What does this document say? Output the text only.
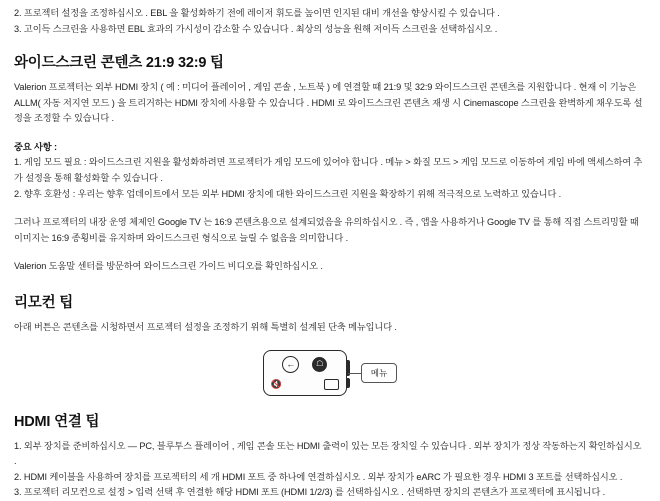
2. 프로젝터 설정을 조정하십시오 . EBL 을 활성화하기 전에 레이저 휘도를 높이면 인지된 대비 개선을 향상시킬 수 있습니다 .
3. 고이득 스크린을 사용하면 EBL 효과의 가시성이 감소할 수 있습니다 . 최상의 성능을 원해 저이득 스크린을 선택하십시오 .
와이드스크린 콘텐츠 21:9 32:9 팁

Valerion 프로젝터는 외부 HDMI 장치 ( 예 : 미디어 플레이어 , 게임 콘솔 , 노트북 ) 에 연결할 때 21:9 및 32:9 와이드스크린 콘텐츠를 지원합니다 . 현재 이 기능은 ALLM( 자동 저지연 모드 ) 을 트리거하는 HDMI 장치에 사용할 수 있습니다 . HDMI 로 와이드스크린 콘텐츠 재생 시 Cinemascope 스크린을 완벽하게 채우도록 설정을 조정할 수 있습니다 .

중요 사항 :
1. 게임 모드 필요 : 와이드스크린 지원을 활성화하려면 프로젝터가 게임 모드에 있어야 합니다 . 메뉴 > 화질 모드 > 게임 모드로 이동하여 게임 바에 액세스하여 추가 설정을 통해 활성화할 수 있습니다 .
2. 향후 호환성 : 우리는 향후 업데이트에서 모든 외부 HDMI 장치에 대한 와이드스크린 지원을 확장하기 위해 적극적으로 노력하고 있습니다 .

그러나 프로젝터의 내장 운영 체제인 Google TV 는 16:9 콘텐츠용으로 설계되었음을 유의하십시오 . 즉 , 앱을 사용하거나 Google TV 를 통해 직접 스트리밍할 때 이미지는 16:9 종횡비를 유지하며 와이드스크린 형식으로 늘릴 수 없음을 의미합니다 .

Valerion 도움말 센터를 방문하여 와이드스크린 가이드 비디오를 확인하십시오 .

리모컨 팁

아래 버튼은 콘텐츠를 시청하면서 프로젝터 설정을 조정하기 위해 특별히 설계된 단축 메뉴입니다 .

←	☖
🔇
메뉴
HDMI 연결 팁
1. 외부 장치를 준비하십시오 — PC, 블루투스 플레이어 , 게임 콘솔 또는 HDMI 출력이 있는 모든 장치일 수 있습니다 . 외부 장치가 정상 작동하는지 확인하십시오 .
2. HDMI 케이블을 사용하여 장치를 프로젝터의 세 개 HDMI 포트 중 하나에 연결하십시오 . 외부 장치가 eARC 가 필요한 경우 HDMI 3 포트를 선택하십시오 .
3. 프로젝터 리모컨으로 설정 > 입력 선택 후 연결한 해당 HDMI 포트 (HDMI 1/2/3) 를 선택하십시오 . 선택하면 장치의 콘텐츠가 프로젝터에 표시됩니다 .
